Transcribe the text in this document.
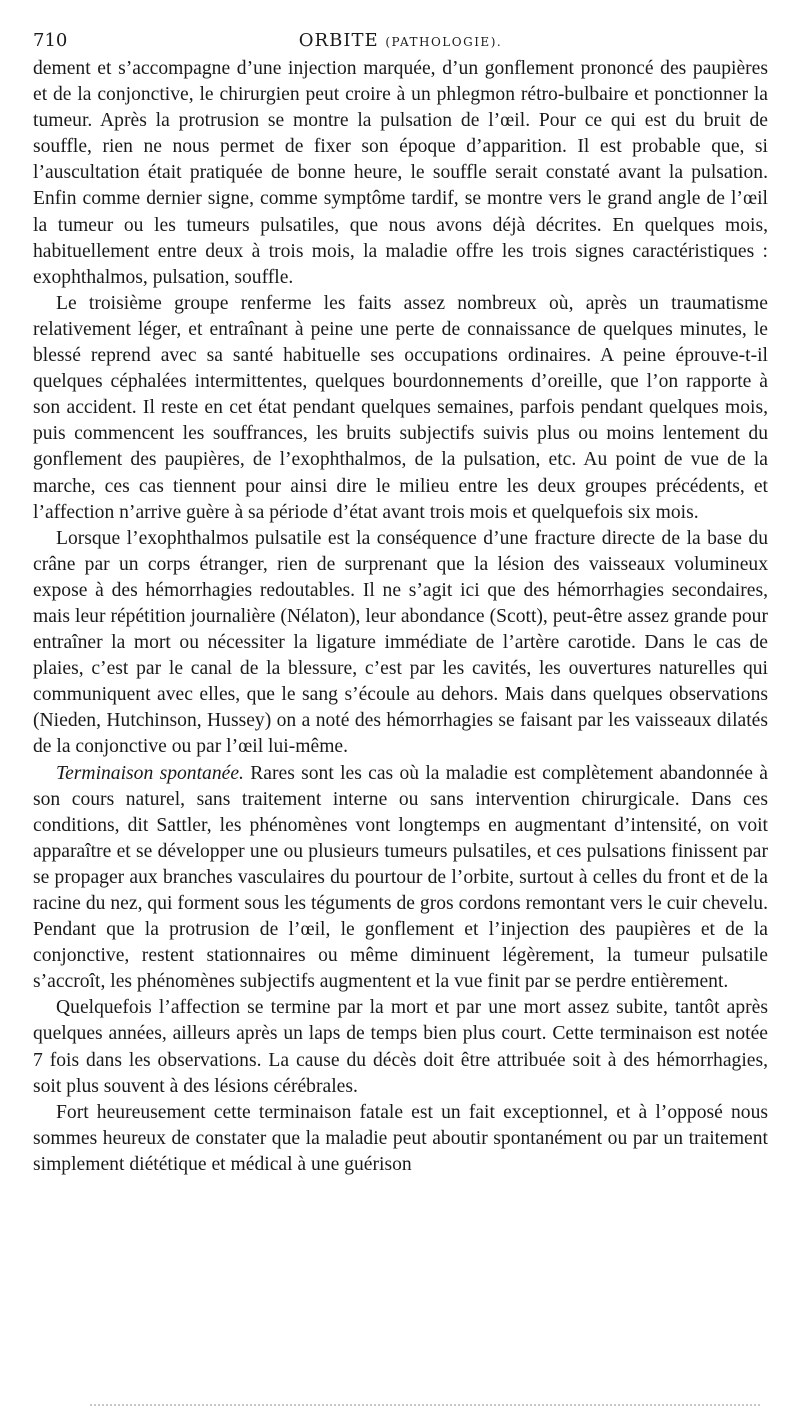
710	ORBITE (PATHOLOGIE).

dement et s’accompagne d’une injection marquée, d’un gonflement prononcé des paupières et de la conjonctive, le chirurgien peut croire à un phlegmon rétro-bulbaire et ponctionner la tumeur. Après la protrusion se montre la pulsation de l’œil. Pour ce qui est du bruit de souffle, rien ne nous permet de fixer son époque d’apparition. Il est probable que, si l’auscultation était pratiquée de bonne heure, le souffle serait constaté avant la pulsation. Enfin comme dernier signe, comme symptôme tardif, se montre vers le grand angle de l’œil la tumeur ou les tumeurs pulsatiles, que nous avons déjà décrites. En quelques mois, habituellement entre deux à trois mois, la maladie offre les trois signes caractéristiques : exophthalmos, pulsation, souffle.

Le troisième groupe renferme les faits assez nombreux où, après un traumatisme relativement léger, et entraînant à peine une perte de connaissance de quelques minutes, le blessé reprend avec sa santé habituelle ses occupations ordinaires. A peine éprouve-t-il quelques céphalées intermittentes, quelques bourdonnements d’oreille, que l’on rapporte à son accident. Il reste en cet état pendant quelques semaines, parfois pendant quelques mois, puis commencent les souffrances, les bruits subjectifs suivis plus ou moins lentement du gonflement des paupières, de l’exophthalmos, de la pulsation, etc. Au point de vue de la marche, ces cas tiennent pour ainsi dire le milieu entre les deux groupes précédents, et l’affection n’arrive guère à sa période d’état avant trois mois et quelquefois six mois.

Lorsque l’exophthalmos pulsatile est la conséquence d’une fracture directe de la base du crâne par un corps étranger, rien de surprenant que la lésion des vaisseaux volumineux expose à des hémorrhagies redoutables. Il ne s’agit ici que des hémorrhagies secondaires, mais leur répétition journalière (Nélaton), leur abondance (Scott), peut-être assez grande pour entraîner la mort ou nécessiter la ligature immédiate de l’artère carotide. Dans le cas de plaies, c’est par le canal de la blessure, c’est par les cavités, les ouvertures naturelles qui communiquent avec elles, que le sang s’écoule au dehors. Mais dans quelques observations (Nieden, Hutchinson, Hussey) on a noté des hémorrhagies se faisant par les vaisseaux dilatés de la conjonctive ou par l’œil lui-même.

Terminaison spontanée. Rares sont les cas où la maladie est complètement abandonnée à son cours naturel, sans traitement interne ou sans intervention chirurgicale. Dans ces conditions, dit Sattler, les phénomènes vont longtemps en augmentant d’intensité, on voit apparaître et se développer une ou plusieurs tumeurs pulsatiles, et ces pulsations finissent par se propager aux branches vasculaires du pourtour de l’orbite, surtout à celles du front et de la racine du nez, qui forment sous les téguments de gros cordons remontant vers le cuir chevelu. Pendant que la protrusion de l’œil, le gonflement et l’injection des paupières et de la conjonctive, restent stationnaires ou même diminuent légèrement, la tumeur pulsatile s’accroît, les phénomènes subjectifs augmentent et la vue finit par se perdre entièrement.

Quelquefois l’affection se termine par la mort et par une mort assez subite, tantôt après quelques années, ailleurs après un laps de temps bien plus court. Cette terminaison est notée 7 fois dans les observations. La cause du décès doit être attribuée soit à des hémorrhagies, soit plus souvent à des lésions cérébrales.

Fort heureusement cette terminaison fatale est un fait exceptionnel, et à l’opposé nous sommes heureux de constater que la maladie peut aboutir spontanément ou par un traitement simplement diététique et médical à une guérison
